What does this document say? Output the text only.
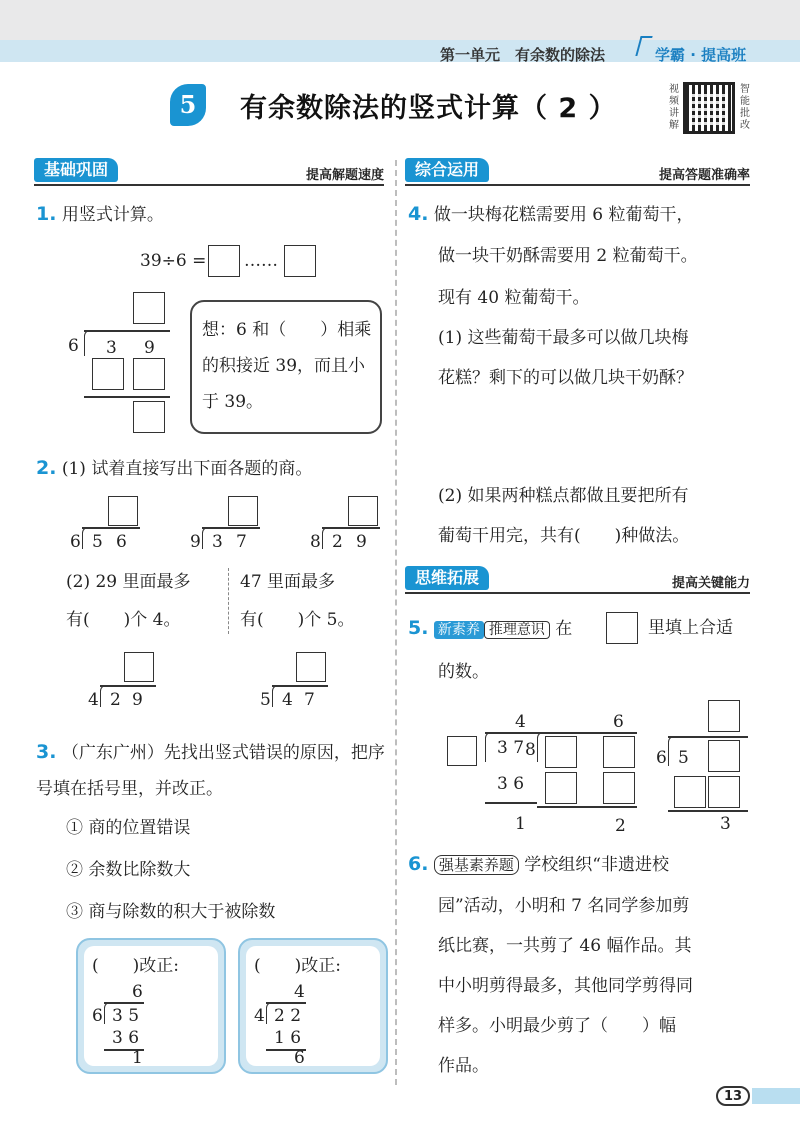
第一单元　有余数的除法	学霸 · 提高班
5	有余数除法的竖式计算（ 2 ）
视频讲解
智能批改
基础巩固	提高解题速度
1. 用竖式计算。
39÷6 = ……
6 3 9
想：6 和（　　）相乘的积接近 39，而且小于 39。
2. (1) 试着直接写出下面各题的商。
6 5 6	9 3 7	8 2 9
(2) 29 里面最多
有(　　)个 4。
47 里面最多
有(　　)个 5。
4 2 9	5 4 7
3. （广东广州）先找出竖式错误的原因，把序号填在括号里，并改正。
① 商的位置错误
② 余数比除数大
③ 商与除数的积大于被除数
(　　)改正:
6
6 3 5
3 6
1
(　　)改正:
4
4 2 2
1 6
6
综合运用	提高答题准确率
4. 做一块梅花糕需要用 6 粒葡萄干，
做一块干奶酥需要用 2 粒葡萄干。
现有 40 粒葡萄干。
(1) 这些葡萄干最多可以做几块梅
花糕？剩下的可以做几块干奶酥？
(2) 如果两种糕点都做且要把所有
葡萄干用完，共有(　　)种做法。
思维拓展	提高关键能力
5. 新素养 推理意识 在	里填上合适
的数。
4
3 7
3 6
1
6
8
2
6 5
3
6. 强基素养题 学校组织“非遗进校
园”活动，小明和 7 名同学参加剪
纸比赛，一共剪了 46 幅作品。其
中小明剪得最多，其他同学剪得同
样多。小明最少剪了（　　）幅
作品。
13
